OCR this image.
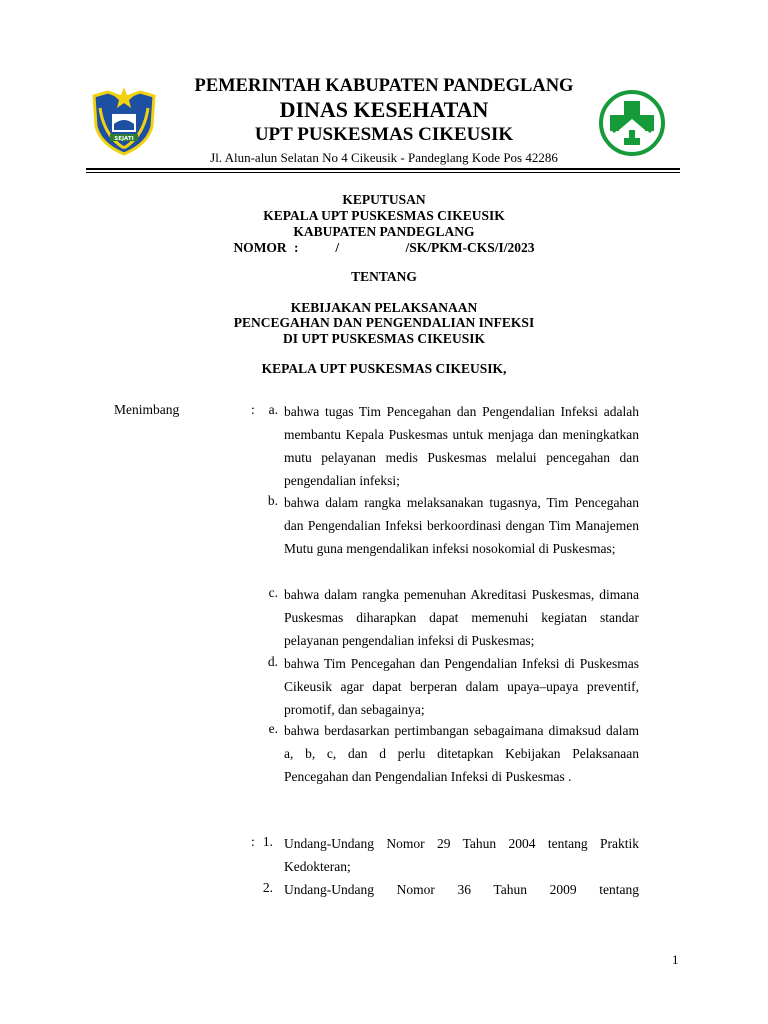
SEJATI
PEMERINTAH KABUPATEN PANDEGLANG
DINAS KESEHATAN
UPT PUSKESMAS CIKEUSIK
Jl. Alun-alun Selatan No 4 Cikeusik - Pandeglang Kode Pos 42286
KEPUTUSAN
KEPALA UPT PUSKESMAS CIKEUSIK
KABUPATEN PANDEGLANG
NOMOR :     /         /SK/PKM-CKS/I/2023
TENTANG
KEBIJAKAN PELAKSANAAN
PENCEGAHAN DAN PENGENDALIAN INFEKSI
DI UPT PUSKESMAS CIKEUSIK
KEPALA UPT PUSKESMAS CIKEUSIK,
Menimbang	:	a. bahwa tugas Tim Pencegahan dan Pengendalian Infeksi adalah membantu Kepala Puskesmas untuk menjaga dan meningkatkan mutu pelayanan medis Puskesmas melalui pencegahan dan pengendalian infeksi;
b. bahwa dalam rangka melaksanakan tugasnya, Tim Pencegahan dan Pengendalian Infeksi berkoordinasi dengan Tim Manajemen Mutu guna mengendalikan infeksi nosokomial di Puskesmas;
c. bahwa dalam rangka pemenuhan Akreditasi Puskesmas, dimana Puskesmas diharapkan dapat memenuhi kegiatan standar pelayanan pengendalian infeksi di Puskesmas;
d. bahwa Tim Pencegahan dan Pengendalian Infeksi di Puskesmas Cikeusik agar dapat berperan dalam upaya–upaya preventif, promotif, dan sebagainya;
e. bahwa berdasarkan pertimbangan sebagaimana dimaksud dalam a, b, c, dan d perlu ditetapkan Kebijakan Pelaksanaan Pencegahan dan Pengendalian Infeksi di Puskesmas .
: 1. Undang-Undang Nomor 29 Tahun 2004 tentang Praktik Kedokteran;
2. Undang-Undang Nomor 36 Tahun 2009 tentang
1
